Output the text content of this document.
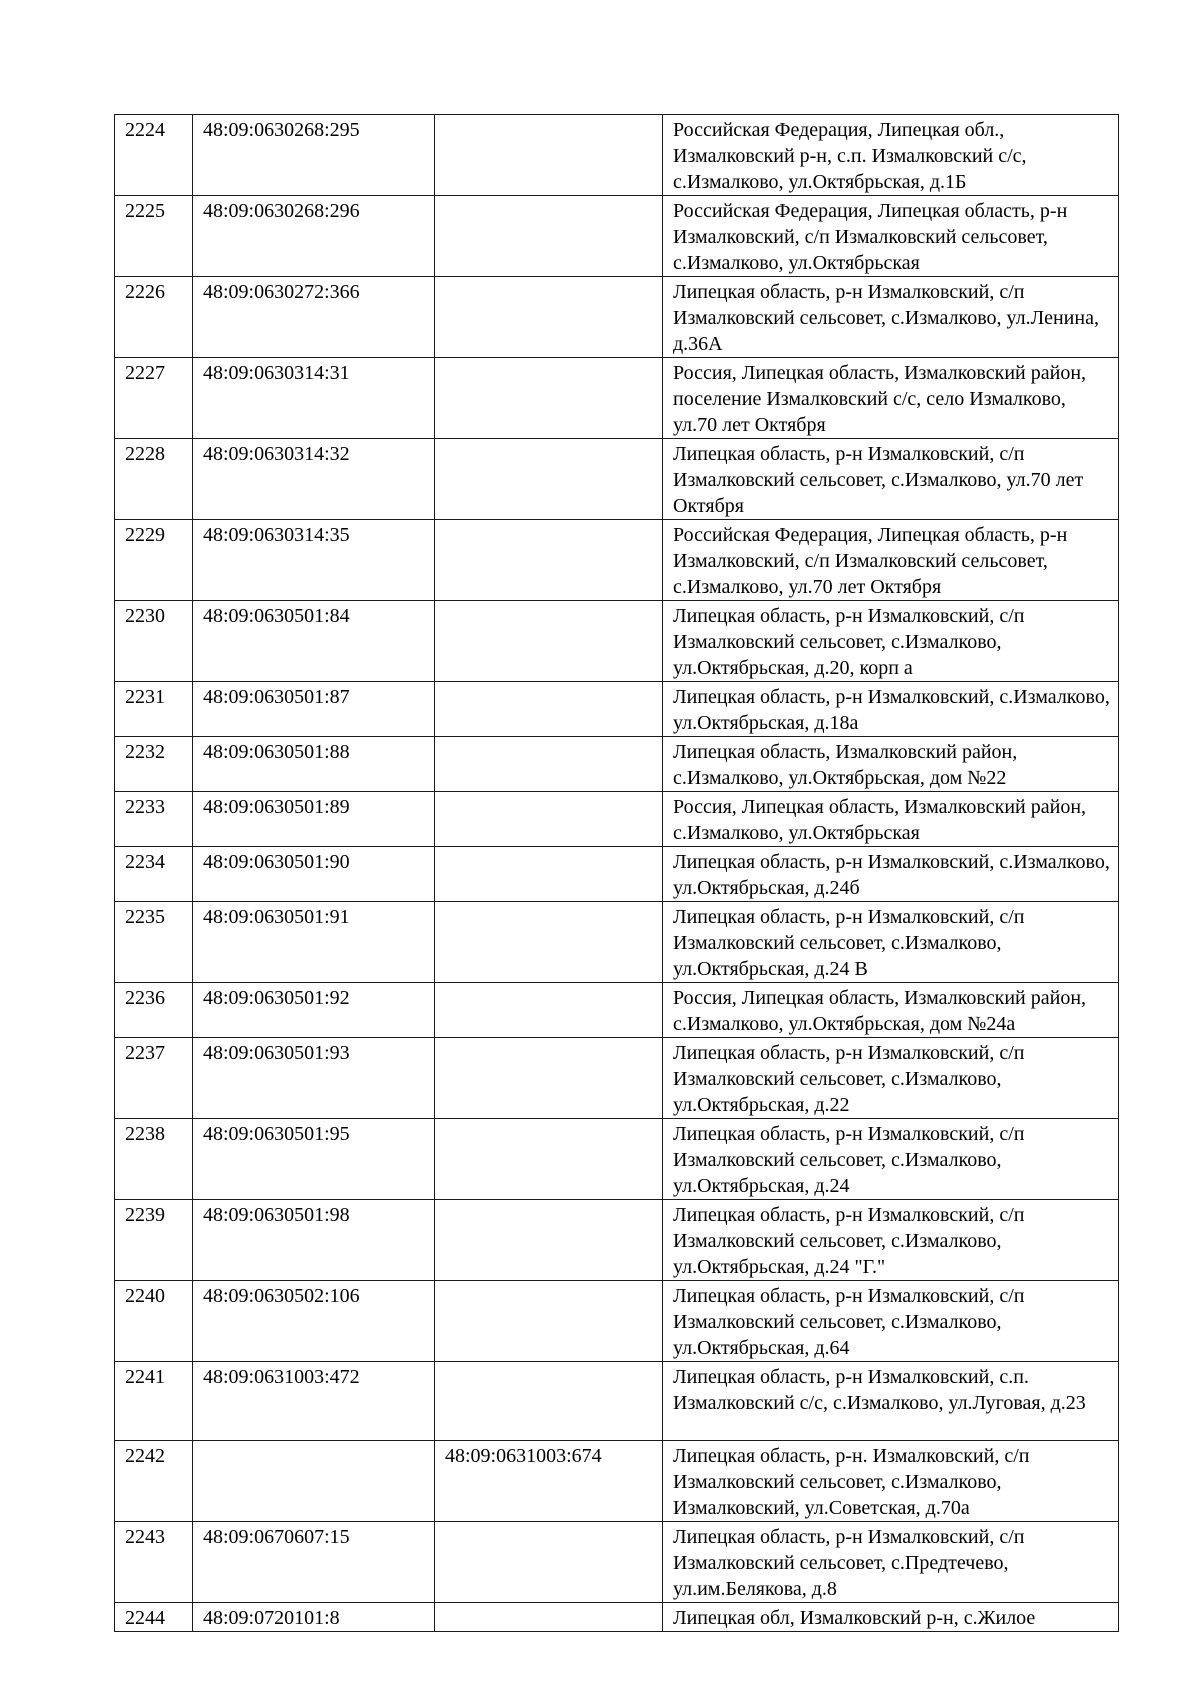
2224	48:09:0630268:295		Российская Федерация, Липецкая обл., Измалковский р-н, с.п. Измалковский с/с, с.Измалково, ул.Октябрьская, д.1Б
2225	48:09:0630268:296		Российская Федерация, Липецкая область, р-н Измалковский, с/п Измалковский сельсовет, с.Измалково, ул.Октябрьская
2226	48:09:0630272:366		Липецкая область, р-н Измалковский, с/п Измалковский сельсовет, с.Измалково, ул.Ленина, д.36А
2227	48:09:0630314:31		Россия, Липецкая область, Измалковский район, поселение Измалковский с/с, село Измалково, ул.70 лет Октября
2228	48:09:0630314:32		Липецкая область, р-н Измалковский, с/п Измалковский сельсовет, с.Измалково, ул.70 лет Октября
2229	48:09:0630314:35		Российская Федерация, Липецкая область, р-н Измалковский, с/п Измалковский сельсовет, с.Измалково, ул.70 лет Октября
2230	48:09:0630501:84		Липецкая область, р-н Измалковский, с/п Измалковский сельсовет, с.Измалково, ул.Октябрьская, д.20, корп а
2231	48:09:0630501:87		Липецкая область, р-н Измалковский, с.Измалково, ул.Октябрьская, д.18а
2232	48:09:0630501:88		Липецкая область, Измалковский район, с.Измалково, ул.Октябрьская, дом №22
2233	48:09:0630501:89		Россия, Липецкая область, Измалковский район, с.Измалково, ул.Октябрьская
2234	48:09:0630501:90		Липецкая область, р-н Измалковский, с.Измалково, ул.Октябрьская, д.24б
2235	48:09:0630501:91		Липецкая область, р-н Измалковский, с/п Измалковский сельсовет, с.Измалково, ул.Октябрьская, д.24 В
2236	48:09:0630501:92		Россия, Липецкая область, Измалковский район, с.Измалково, ул.Октябрьская, дом №24а
2237	48:09:0630501:93		Липецкая область, р-н Измалковский, с/п Измалковский сельсовет, с.Измалково, ул.Октябрьская, д.22
2238	48:09:0630501:95		Липецкая область, р-н Измалковский, с/п Измалковский сельсовет, с.Измалково, ул.Октябрьская, д.24
2239	48:09:0630501:98		Липецкая область, р-н Измалковский, с/п Измалковский сельсовет, с.Измалково, ул.Октябрьская, д.24 "Г."
2240	48:09:0630502:106		Липецкая область, р-н Измалковский, с/п Измалковский сельсовет, с.Измалково, ул.Октябрьская, д.64
2241	48:09:0631003:472		Липецкая область, р-н Измалковский, с.п. Измалковский с/с, с.Измалково, ул.Луговая, д.23
2242		48:09:0631003:674	Липецкая область, р-н. Измалковский, с/п Измалковский сельсовет, с.Измалково, Измалковский, ул.Советская, д.70а
2243	48:09:0670607:15		Липецкая область, р-н Измалковский, с/п Измалковский сельсовет, с.Предтечево, ул.им.Белякова, д.8
2244	48:09:0720101:8		Липецкая обл, Измалковский р-н, с.Жилое
